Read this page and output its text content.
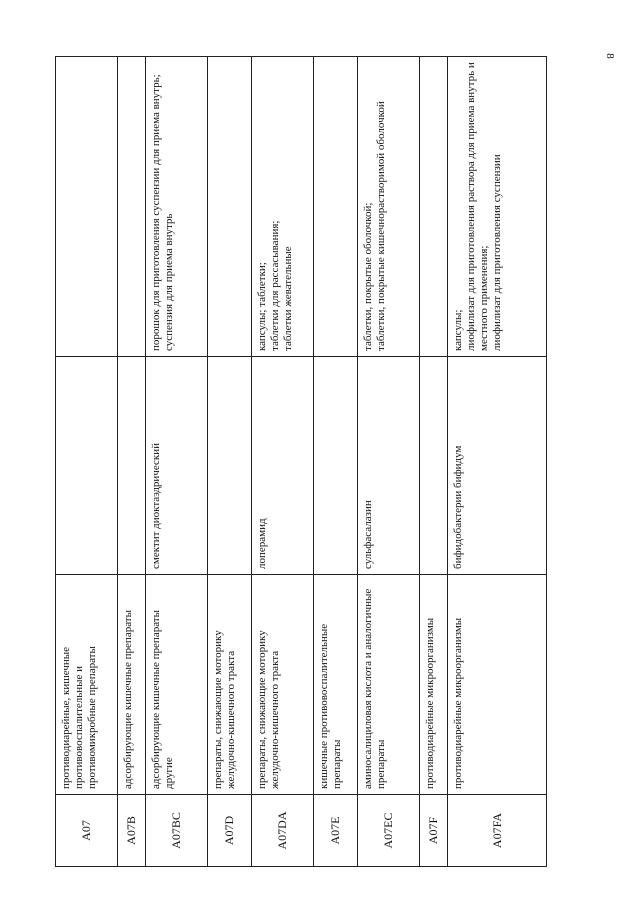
8
A07	противодиарейные, кишечные противовоспалительные и противомикробные препараты		
A07B	адсорбирующие кишечные препараты		
A07BC	адсорбирующие кишечные препараты другие	смектит диоктаэдрический	порошок для приготовления суспензии для приема внутрь;
суспензия для приема внутрь
A07D	препараты, снижающие моторику желудочно-кишечного тракта		
A07DA	препараты, снижающие моторику желудочно-кишечного тракта	лоперамид	капсулы; таблетки;
таблетки для рассасывания;
таблетки жевательные
A07E	кишечные противовоспалительные препараты		
A07EC	аминосалициловая кислота и аналогичные препараты	сульфасалазин	таблетки, покрытые оболочкой;
таблетки, покрытые кишечнорастворимой оболочкой
A07F	противодиарейные микроорганизмы		
A07FA	противодиарейные микроорганизмы	бифидобактерии бифидум	капсулы;
лиофилизат для приготовления раствора для приема внутрь и местного применения;
лиофилизат для приготовления суспензии
